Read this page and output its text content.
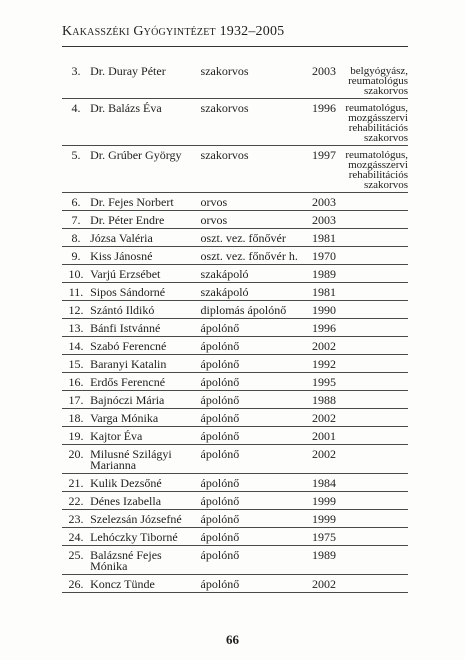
Kakasszéki Gyógyintézet 1932–2005
3.	Dr. Duray Péter	szakorvos	2003	belgyógyász, reumatológus szakorvos
4.	Dr. Balázs Éva	szakorvos	1996	reumatológus, mozgásszervi rehabilitációs szakorvos
5.	Dr. Grúber György	szakorvos	1997	reumatológus, mozgásszervi rehabilitációs szakorvos
6.	Dr. Fejes Norbert	orvos	2003	
7.	Dr. Péter Endre	orvos	2003	
8.	Józsa Valéria	oszt. vez. főnővér	1981	
9.	Kiss Jánosné	oszt. vez. főnővér h.	1970	
10.	Varjú Erzsébet	szakápoló	1989	
11.	Sipos Sándorné	szakápoló	1981	
12.	Szántó Ildikó	diplomás ápolónő	1990	
13.	Bánfi Istvánné	ápolónő	1996	
14.	Szabó Ferencné	ápolónő	2002	
15.	Baranyi Katalin	ápolónő	1992	
16.	Erdős Ferencné	ápolónő	1995	
17.	Bajnóczi Mária	ápolónő	1988	
18.	Varga Mónika	ápolónő	2002	
19.	Kajtor Éva	ápolónő	2001	
20.	Milusné Szilágyi Marianna	ápolónő	2002	
21.	Kulik Dezsőné	ápolónő	1984	
22.	Dénes Izabella	ápolónő	1999	
23.	Szelezsán Józsefné	ápolónő	1999	
24.	Lehóczky Tiborné	ápolónő	1975	
25.	Balázsné Fejes Mónika	ápolónő	1989	
26.	Koncz Tünde	ápolónő	2002	
66
